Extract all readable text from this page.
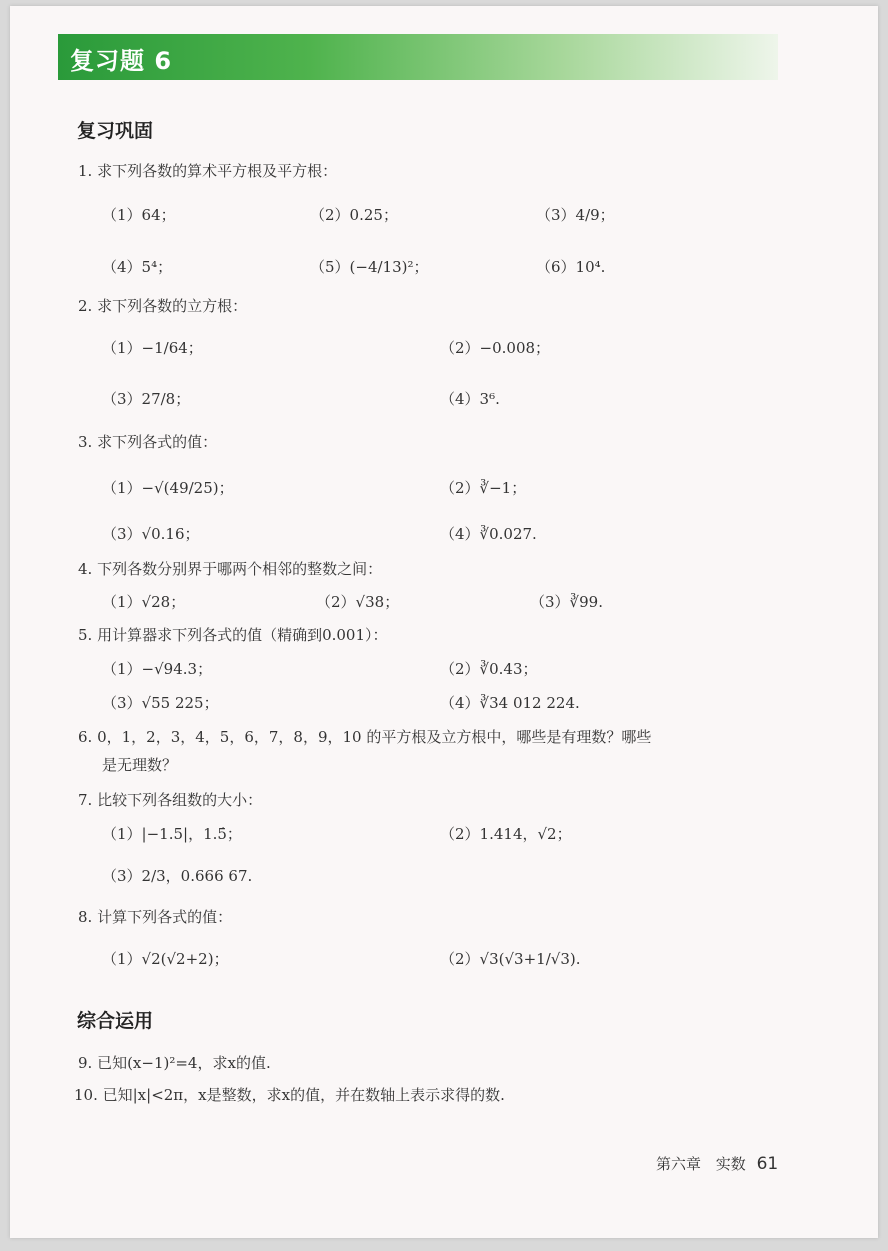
复习题 6
复习巩固
1. 求下列各数的算术平方根及平方根：
（1）64；	（2）0.25；	（3）4/9；
（4）5⁴；	（5）(−4/13)²；	（6）10⁴.
2. 求下列各数的立方根：
（1）−1/64；	（2）−0.008；
（3）27/8；	（4）3⁶.
3. 求下列各式的值：
（1）−√(49/25)；	（2）∛−1；
（3）√0.16；	（4）∛0.027.
4. 下列各数分别界于哪两个相邻的整数之间：
（1）√28；	（2）√38；	（3）∛99.
5. 用计算器求下列各式的值（精确到0.001）：
（1）−√94.3；	（2）∛0.43；
（3）√55 225；	（4）∛34 012 224.
6. 0，1，2，3，4，5，6，7，8，9，10 的平方根及立方根中，哪些是有理数？哪些
是无理数？
7. 比较下列各组数的大小：
（1）|−1.5|，1.5̇；	（2）1.414，√2；
（3）2/3，0.666 67.
8. 计算下列各式的值：
（1）√2(√2+2)；	（2）√3(√3+1/√3).
综合运用
9. 已知(x−1)²=4，求x的值.
10. 已知|x|<2π，x是整数，求x的值，并在数轴上表示求得的数.
第六章 实数 61
